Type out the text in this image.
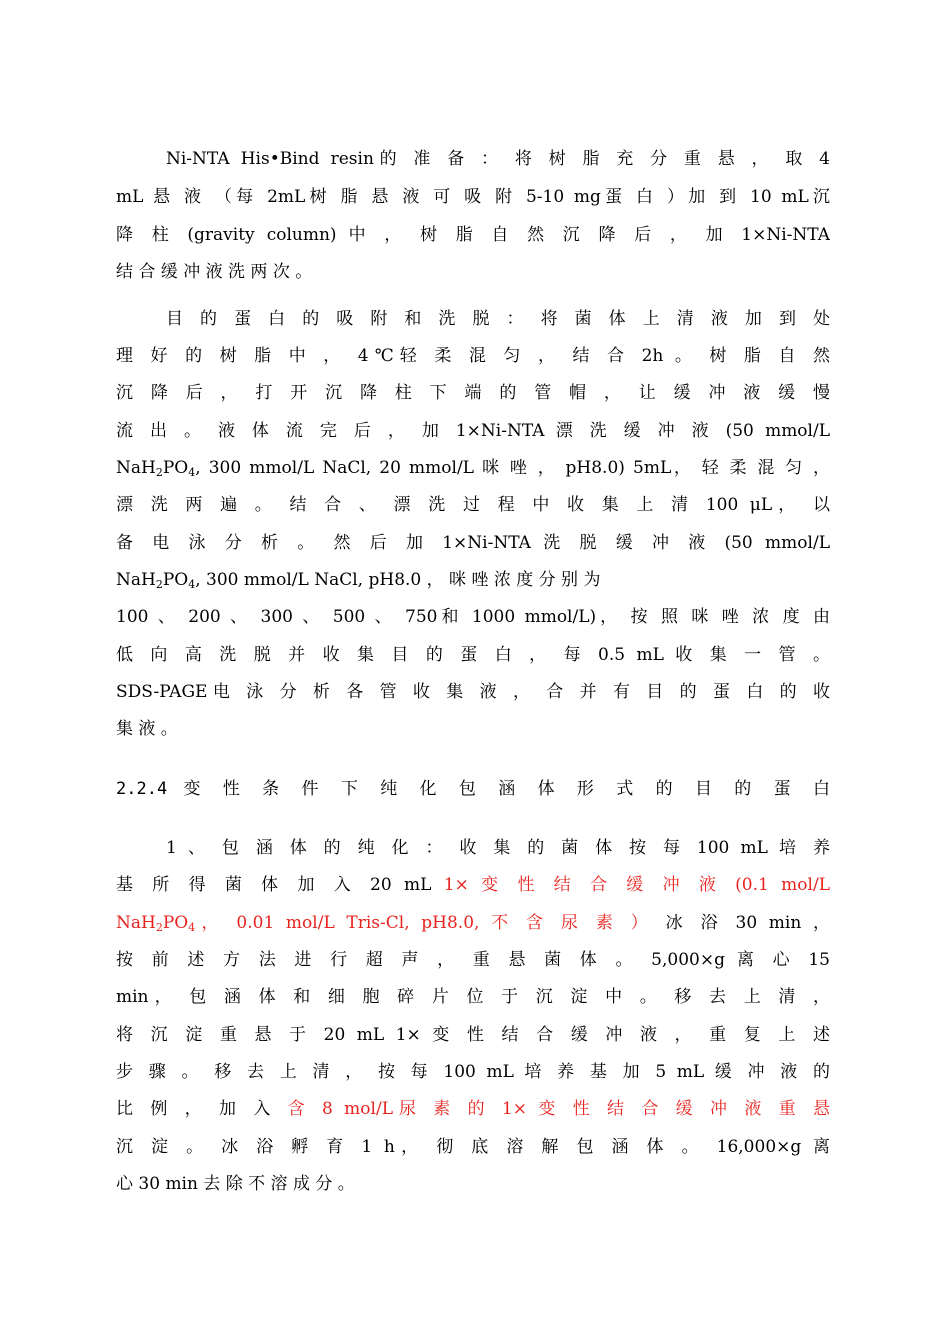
Ni-NTA His•Bind resin的 准 备 ： 将 树 脂 充 分 重 悬 ， 取 4
mL 悬 液 （每 2mL树 脂 悬 液 可 吸 附 5-10 mg蛋 白 ）加 到 10 mL沉
降 柱 (gravity column) 中 ， 树 脂 自 然 沉 降 后 ， 加 1×Ni-NTA
结 合 缓 冲 液 洗 两 次 。
目 的 蛋 白 的 吸 附 和 洗 脱 ： 将 菌 体 上 清 液 加 到 处
理 好 的 树 脂 中 ， 4℃轻 柔 混 匀 ， 结 合 2h 。 树 脂 自 然
沉 降 后 ， 打 开 沉 降 柱 下 端 的 管 帽 ， 让 缓 冲 液 缓 慢
流 出 。 液 体 流 完 后 ， 加 1×Ni-NTA 漂 洗 缓 冲 液 (50 mmol/L
$NaH_2PO_4$, 300 mmol/L NaCl, 20 mmol/L 咪 唑 ， pH8.0) 5mL， 轻 柔 混 匀 ，
漂 洗 两 遍 。 结 合 、 漂 洗 过 程 中 收 集 上 清 100 μL， 以
备 电 泳 分 析 。 然 后 加 1×Ni-NTA 洗 脱 缓 冲 液 (50 mmol/L
$NaH_2PO_4$, 300 mmol/L NaCl, pH8.0 ， 咪 唑 浓 度 分 别 为
100 、 200 、 300 、 500 、 750和 1000 mmol/L)， 按 照 咪 唑 浓 度 由
低 向 高 洗 脱 并 收 集 目 的 蛋 白 ， 每 0.5 mL 收 集 一 管 。
SDS-PAGE电 泳 分 析 各 管 收 集 液 ， 合 并 有 目 的 蛋 白 的 收
集 液 。
2.2.4 变 性 条 件 下 纯 化 包 涵 体 形 式 的 目 的 蛋 白
1 、 包 涵 体 的 纯 化 ： 收 集 的 菌 体 按 每 100 mL 培 养
基 所 得 菌 体 加 入 20 mL 1× 变 性 结 合 缓 冲 液 (0.1 mol/L
$NaH_2PO_4$， 0.01 mol/L Tris-Cl, pH8.0, 不 含 尿 素 ） 冰 浴 30 min ，
按 前 述 方 法 进 行 超 声 ， 重 悬 菌 体 。 5,000×g 离 心 15
min， 包 涵 体 和 细 胞 碎 片 位 于 沉 淀 中 。 移 去 上 清 ，
将 沉 淀 重 悬 于 20 mL 1× 变 性 结 合 缓 冲 液 ， 重 复 上 述
步 骤 。 移 去 上 清 ， 按 每 100 mL 培 养 基 加 5 mL 缓 冲 液 的
比 例 ， 加 入 含 8 mol/L尿 素 的 1× 变 性 结 合 缓 冲 液 重 悬
沉 淀 。 冰 浴 孵 育 1 h， 彻 底 溶 解 包 涵 体 。 16,000×g 离
心 30 min 去 除 不 溶 成 分 。
